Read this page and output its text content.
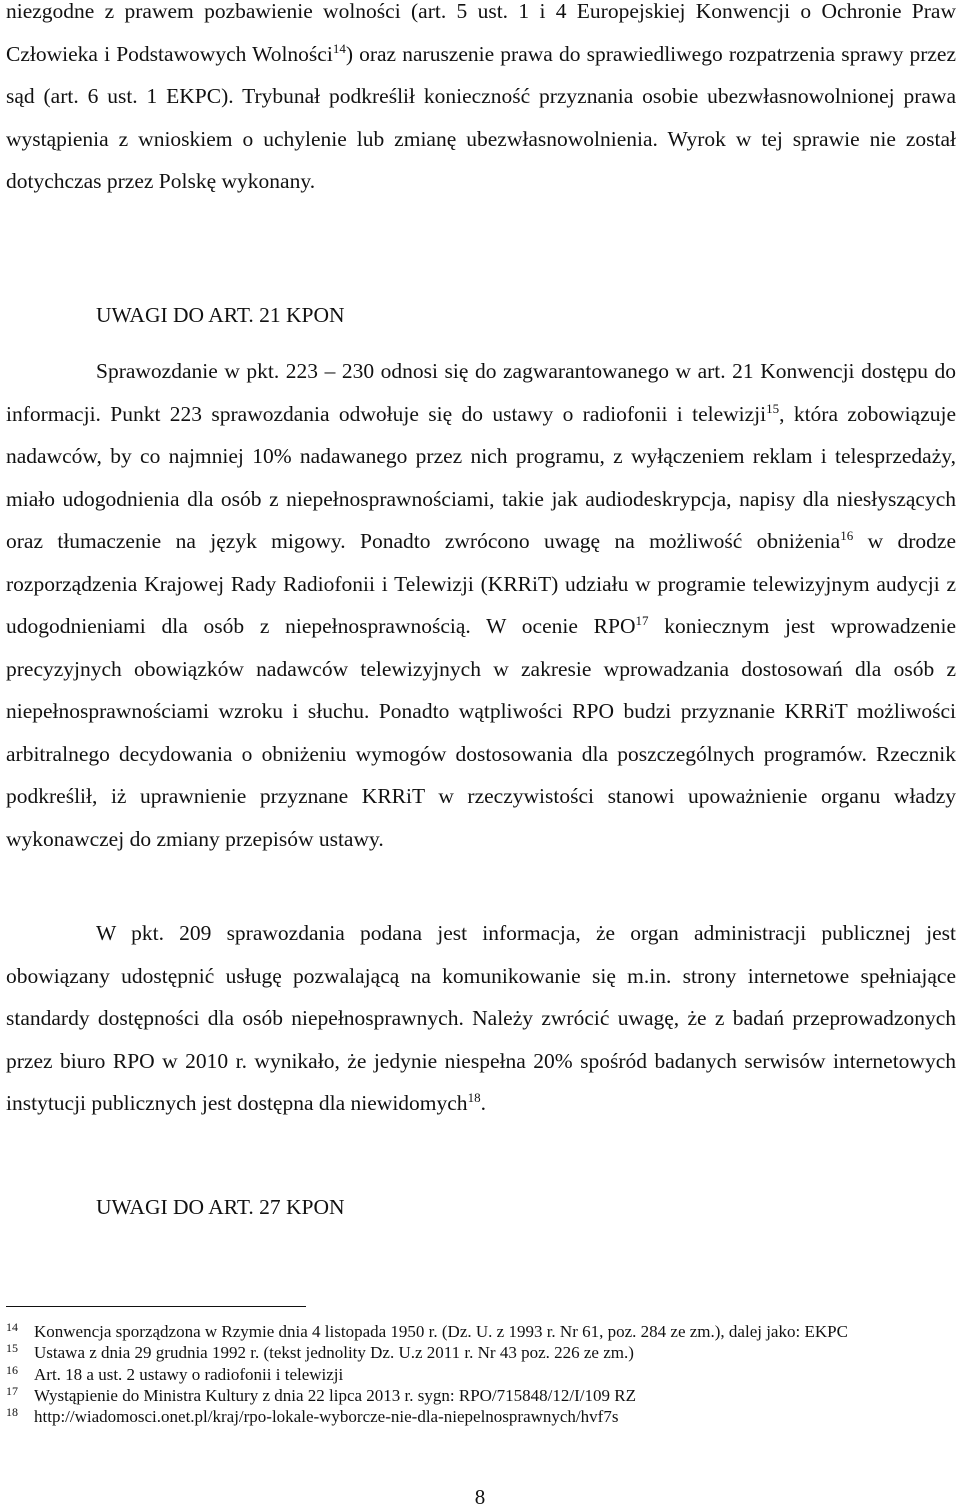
niezgodne z prawem pozbawienie wolności (art. 5 ust. 1 i 4 Europejskiej Konwencji o Ochronie Praw Człowieka i Podstawowych Wolności$^{14}$) oraz naruszenie prawa do sprawiedliwego rozpatrzenia sprawy przez sąd (art. 6 ust. 1 EKPC). Trybunał podkreślił konieczność przyznania osobie ubezwłasnowolnionej prawa wystąpienia z wnioskiem o uchylenie lub zmianę ubezwłasnowolnienia. Wyrok w tej sprawie nie został dotychczas przez Polskę wykonany.

UWAGI DO ART. 21 KPON

Sprawozdanie w pkt. 223 – 230 odnosi się do zagwarantowanego w art. 21 Konwencji dostępu do informacji. Punkt 223 sprawozdania odwołuje się do ustawy o radiofonii i telewizji$^{15}$, która zobowiązuje nadawców, by co najmniej 10% nadawanego przez nich programu, z wyłączeniem reklam i telesprzedaży, miało udogodnienia dla osób z niepełnosprawnościami, takie jak audiodeskrypcja, napisy dla niesłyszących oraz tłumaczenie na język migowy. Ponadto zwrócono uwagę na możliwość obniżenia$^{16}$ w drodze rozporządzenia Krajowej Rady Radiofonii i Telewizji (KRRiT) udziału w programie telewizyjnym audycji z udogodnieniami dla osób z niepełnosprawnością. W ocenie RPO$^{17}$ koniecznym jest wprowadzenie precyzyjnych obowiązków nadawców telewizyjnych w zakresie wprowadzania dostosowań dla osób z niepełnosprawnościami wzroku i słuchu. Ponadto wątpliwości RPO budzi przyznanie KRRiT możliwości arbitralnego decydowania o obniżeniu wymogów dostosowania dla poszczególnych programów. Rzecznik podkreślił, iż uprawnienie przyznane KRRiT w rzeczywistości stanowi upoważnienie organu władzy wykonawczej do zmiany przepisów ustawy.

W pkt. 209 sprawozdania podana jest informacja, że organ administracji publicznej jest obowiązany udostępnić usługę pozwalającą na komunikowanie się m.in. strony internetowe spełniające standardy dostępności dla osób niepełnosprawnych. Należy zwrócić uwagę, że z badań przeprowadzonych przez biuro RPO w 2010 r. wynikało, że jedynie niespełna 20% spośród badanych serwisów internetowych instytucji publicznych jest dostępna dla niewidomych$^{18}$.

UWAGI DO ART. 27 KPON
14 Konwencja sporządzona w Rzymie dnia 4 listopada 1950 r. (Dz. U. z 1993 r. Nr 61, poz. 284 ze zm.), dalej jako: EKPC
15 Ustawa z dnia 29 grudnia 1992 r. (tekst jednolity Dz. U.z 2011 r. Nr 43 poz. 226 ze zm.)
16 Art. 18 a ust. 2 ustawy o radiofonii i telewizji
17 Wystąpienie do Ministra Kultury z dnia 22 lipca 2013 r. sygn: RPO/715848/12/I/109 RZ
18 http://wiadomosci.onet.pl/kraj/rpo-lokale-wyborcze-nie-dla-niepelnosprawnych/hvf7s
8
